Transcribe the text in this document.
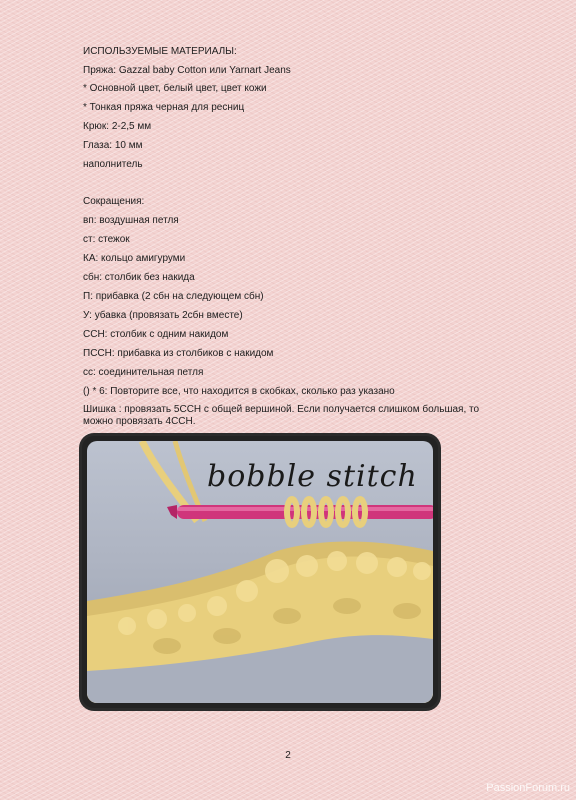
ИСПОЛЬЗУЕМЫЕ МАТЕРИАЛЫ:
Пряжа: Gazzal baby Cotton или Yarnart Jeans
* Основной цвет, белый цвет, цвет кожи
* Тонкая пряжа черная для ресниц
Крюк: 2-2,5 мм
Глаза: 10 мм
наполнитель
Сокращения:
вп: воздушная петля
ст: стежок
КА: кольцо амигуруми
сбн: столбик без накида
П: прибавка (2 сбн на следующем сбн)
У: убавка (провязать 2сбн вместе)
ССН: столбик с одним накидом
ПССН: прибавка из столбиков с накидом
сс: соединительная петля
() * 6: Повторите все, что находится в скобках, сколько раз указано
Шишка : провязать 5ССН с общей вершиной. Если получается слишком большая, то можно провязать 4ССН.
bobble stitch
2
PassionForum.ru
